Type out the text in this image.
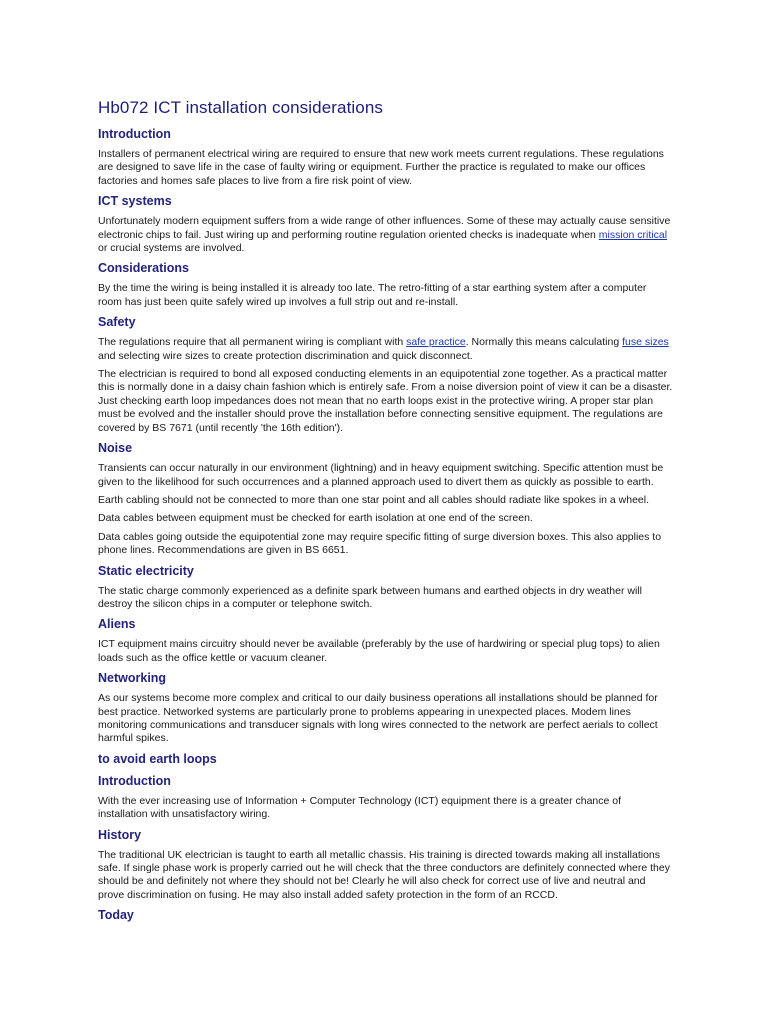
Hb072 ICT installation considerations
Introduction

Installers of permanent electrical wiring are required to ensure that new work meets current regulations. These regulations are designed to save life in the case of faulty wiring or equipment. Further the practice is regulated to make our offices factories and homes safe places to live from a fire risk point of view.

ICT systems

Unfortunately modern equipment suffers from a wide range of other influences. Some of these may actually cause sensitive electronic chips to fail. Just wiring up and performing routine regulation oriented checks is inadequate when mission critical or crucial systems are involved.

Considerations

By the time the wiring is being installed it is already too late. The retro-fitting of a star earthing system after a computer room has just been quite safely wired up involves a full strip out and re-install.

Safety

The regulations require that all permanent wiring is compliant with safe practice. Normally this means calculating fuse sizes and selecting wire sizes to create protection discrimination and quick disconnect.

The electrician is required to bond all exposed conducting elements in an equipotential zone together. As a practical matter this is normally done in a daisy chain fashion which is entirely safe. From a noise diversion point of view it can be a disaster. Just checking earth loop impedances does not mean that no earth loops exist in the protective wiring. A proper star plan must be evolved and the installer should prove the installation before connecting sensitive equipment. The regulations are covered by BS 7671 (until recently 'the 16th edition').

Noise

Transients can occur naturally in our environment (lightning) and in heavy equipment switching. Specific attention must be given to the likelihood for such occurrences and a planned approach used to divert them as quickly as possible to earth.

Earth cabling should not be connected to more than one star point and all cables should radiate like spokes in a wheel.

Data cables between equipment must be checked for earth isolation at one end of the screen.

Data cables going outside the equipotential zone may require specific fitting of surge diversion boxes. This also applies to phone lines. Recommendations are given in BS 6651.

Static electricity

The static charge commonly experienced as a definite spark between humans and earthed objects in dry weather will destroy the silicon chips in a computer or telephone switch.

Aliens

ICT equipment mains circuitry should never be available (preferably by the use of hardwiring or special plug tops) to alien loads such as the office kettle or vacuum cleaner.

Networking

As our systems become more complex and critical to our daily business operations all installations should be planned for best practice. Networked systems are particularly prone to problems appearing in unexpected places. Modem lines monitoring communications and transducer signals with long wires connected to the network are perfect aerials to collect harmful spikes.

to avoid earth loops
Introduction

With the ever increasing use of Information + Computer Technology (ICT) equipment there is a greater chance of installation with unsatisfactory wiring.

History

The traditional UK electrician is taught to earth all metallic chassis. His training is directed towards making all installations safe. If single phase work is properly carried out he will check that the three conductors are definitely connected where they should be and definitely not where they should not be! Clearly he will also check for correct use of live and neutral and prove discrimination on fusing. He may also install added safety protection in the form of an RCCD.

Today
